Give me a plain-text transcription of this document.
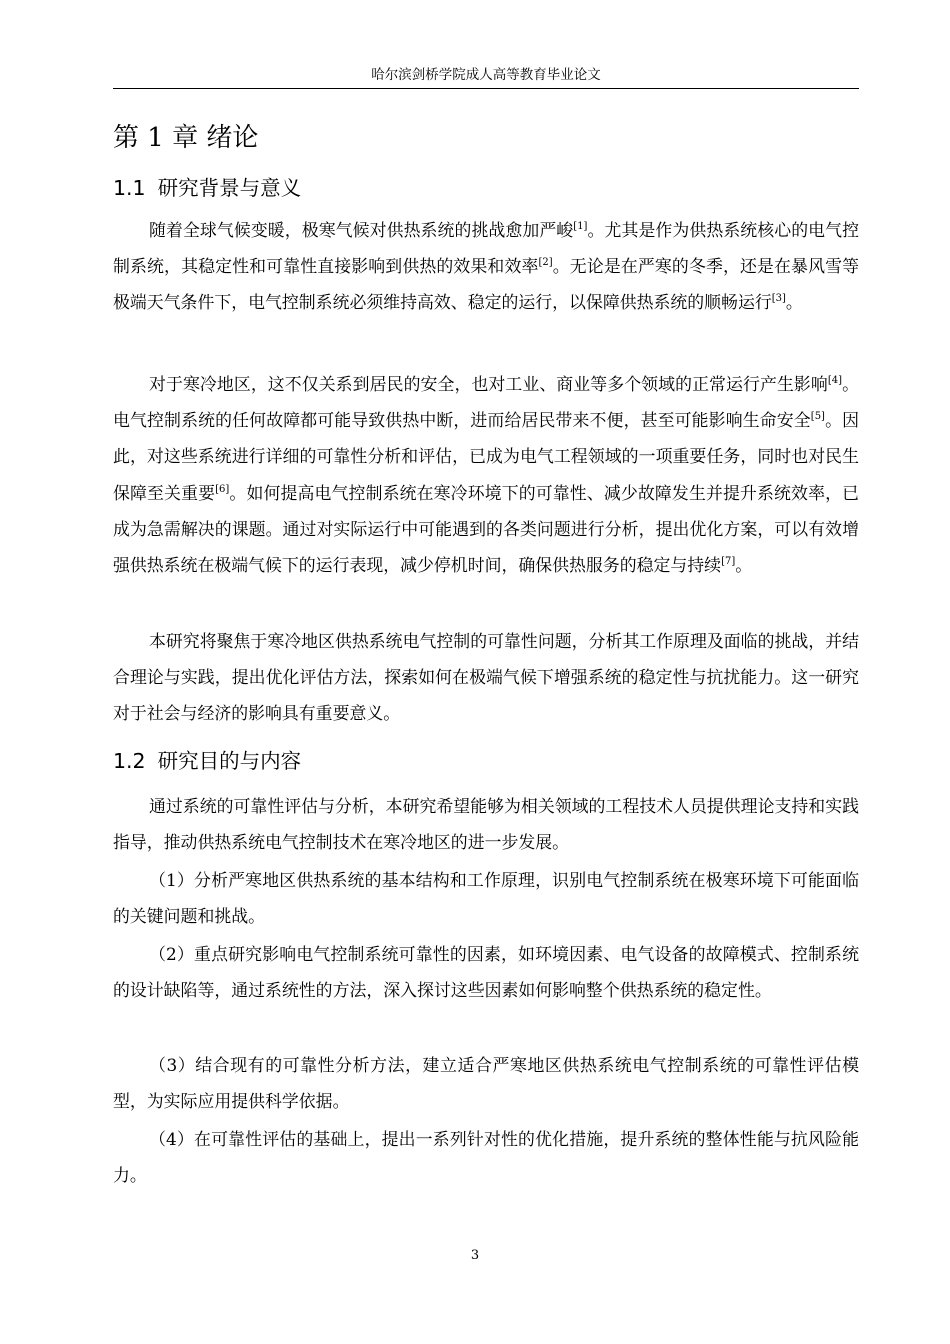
哈尔滨剑桥学院成人高等教育毕业论文
第 1 章 绪论
1.1 研究背景与意义

随着全球气候变暖，极寒气候对供热系统的挑战愈加严峻[1]。尤其是作为供热系统核心的电气控制系统，其稳定性和可靠性直接影响到供热的效果和效率[2]。无论是在严寒的冬季，还是在暴风雪等极端天气条件下，电气控制系统必须维持高效、稳定的运行，以保障供热系统的顺畅运行[3]。

对于寒冷地区，这不仅关系到居民的安全，也对工业、商业等多个领域的正常运行产生影响[4]。电气控制系统的任何故障都可能导致供热中断，进而给居民带来不便，甚至可能影响生命安全[5]。因此，对这些系统进行详细的可靠性分析和评估，已成为电气工程领域的一项重要任务，同时也对民生保障至关重要[6]。如何提高电气控制系统在寒冷环境下的可靠性、减少故障发生并提升系统效率，已成为急需解决的课题。通过对实际运行中可能遇到的各类问题进行分析，提出优化方案，可以有效增强供热系统在极端气候下的运行表现，减少停机时间，确保供热服务的稳定与持续[7]。

本研究将聚焦于寒冷地区供热系统电气控制的可靠性问题，分析其工作原理及面临的挑战，并结合理论与实践，提出优化评估方法，探索如何在极端气候下增强系统的稳定性与抗扰能力。这一研究对于社会与经济的影响具有重要意义。

1.2 研究目的与内容

通过系统的可靠性评估与分析，本研究希望能够为相关领域的工程技术人员提供理论支持和实践指导，推动供热系统电气控制技术在寒冷地区的进一步发展。

（1）分析严寒地区供热系统的基本结构和工作原理，识别电气控制系统在极寒环境下可能面临的关键问题和挑战。

（2）重点研究影响电气控制系统可靠性的因素，如环境因素、电气设备的故障模式、控制系统的设计缺陷等，通过系统性的方法，深入探讨这些因素如何影响整个供热系统的稳定性。

（3）结合现有的可靠性分析方法，建立适合严寒地区供热系统电气控制系统的可靠性评估模型，为实际应用提供科学依据。

（4）在可靠性评估的基础上，提出一系列针对性的优化措施，提升系统的整体性能与抗风险能力。

3
